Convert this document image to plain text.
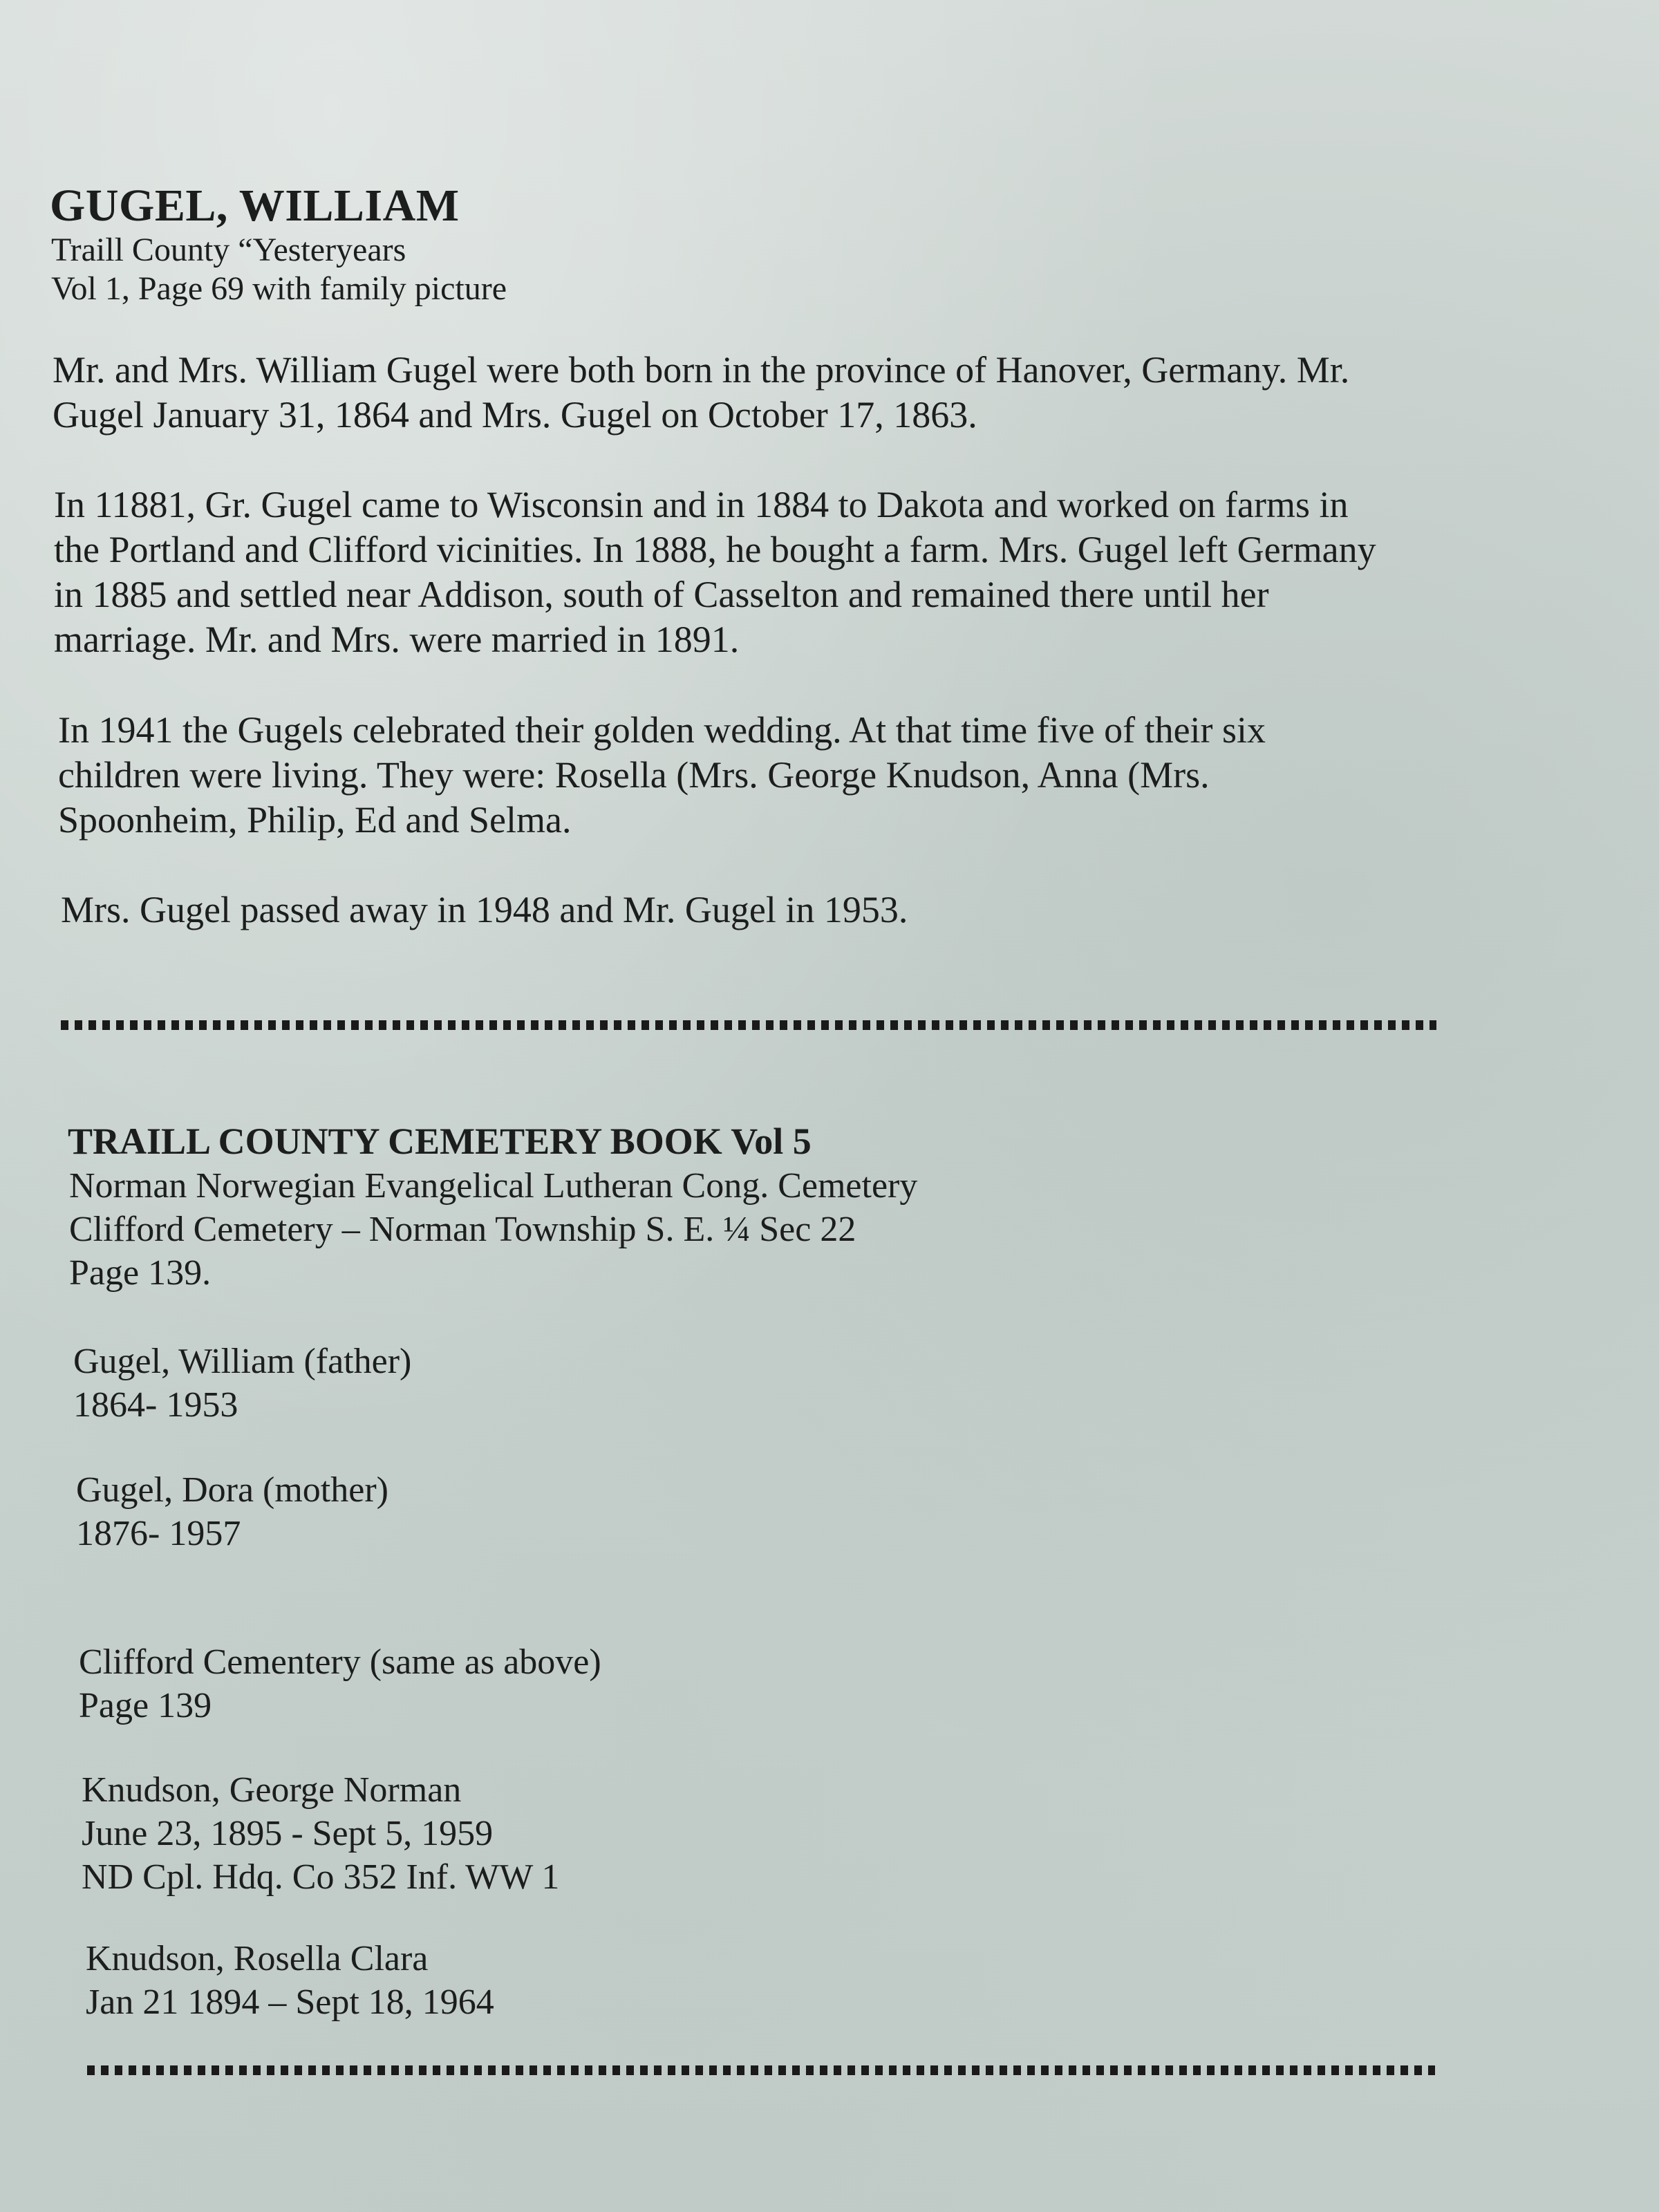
GUGEL, WILLIAM
Traill County “Yesteryears
Vol 1, Page 69 with family picture
Mr. and Mrs. William Gugel were both born in the province of Hanover, Germany. Mr.
Gugel January 31, 1864 and Mrs. Gugel on October 17, 1863.
In 11881, Gr. Gugel came to Wisconsin and in 1884 to Dakota and worked on farms in
the Portland and Clifford vicinities. In 1888, he bought a farm. Mrs. Gugel left Germany
in 1885 and settled near Addison, south of Casselton and remained there until her
marriage. Mr. and Mrs. were married in 1891.
In 1941 the Gugels celebrated their golden wedding. At that time five of their six
children were living. They were: Rosella (Mrs. George Knudson, Anna (Mrs.
Spoonheim, Philip, Ed and Selma.
Mrs. Gugel passed away in 1948 and Mr. Gugel in 1953.
TRAILL COUNTY CEMETERY BOOK Vol 5
Norman Norwegian Evangelical Lutheran Cong. Cemetery
Clifford Cemetery – Norman Township S. E. ¼ Sec 22
Page 139.
Gugel, William (father)
1864- 1953
Gugel, Dora (mother)
1876- 1957
Clifford Cementery (same as above)
Page 139
Knudson, George Norman
June 23, 1895 - Sept 5, 1959
ND Cpl. Hdq. Co 352 Inf. WW 1
Knudson, Rosella Clara
Jan 21 1894 – Sept 18, 1964
